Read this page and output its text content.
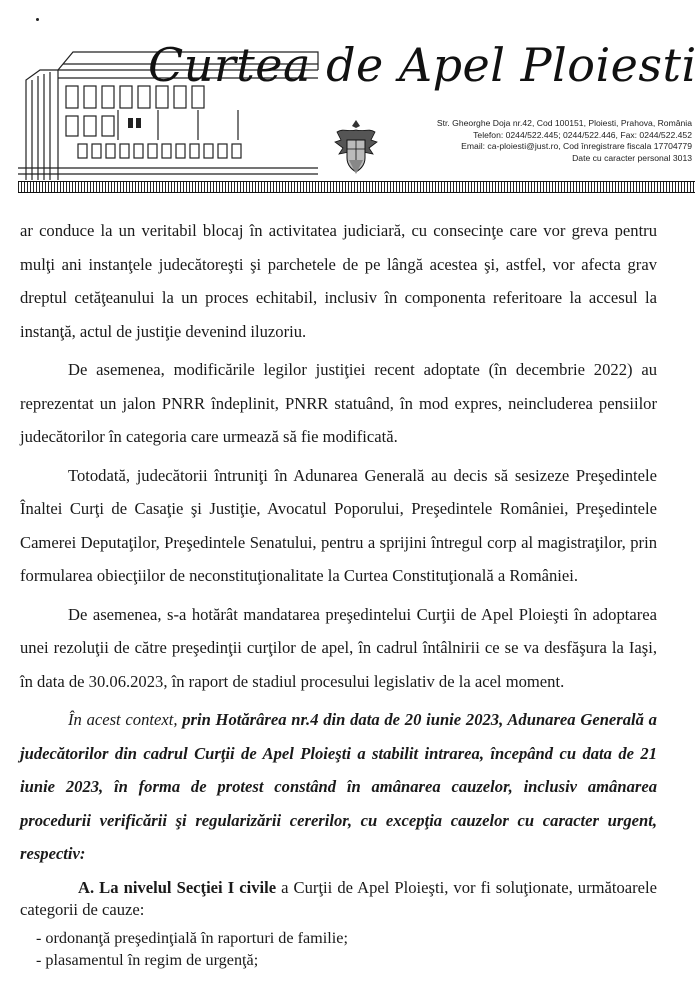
Curtea de Apel Ploiesti
Str. Gheorghe Doja nr.42, Cod 100151, Ploiesti, Prahova, România
Telefon: 0244/522.445; 0244/522.446, Fax: 0244/522.452
Email: ca-ploiesti@just.ro, Cod înregistrare fiscala 17704779
Date cu caracter personal 3013

ar conduce la un veritabil blocaj în activitatea judiciară, cu consecinţe care vor greva pentru mulţi ani instanţele judecătoreşti şi parchetele de pe lângă acestea şi, astfel, vor afecta grav dreptul cetăţeanului la un proces echitabil, inclusiv în componenta referitoare la accesul la instanţă, actul de justiţie devenind iluzoriu.

De asemenea, modificările legilor justiţiei recent adoptate (în decembrie 2022) au reprezentat un jalon PNRR îndeplinit, PNRR statuând, în mod expres, neincluderea pensiilor judecătorilor în categoria care urmează să fie modificată.

Totodată, judecătorii întruniţi în Adunarea Generală au decis să sesizeze Preşedintele Înaltei Curţi de Casaţie şi Justiţie, Avocatul Poporului, Preşedintele României, Preşedintele Camerei Deputaţilor, Preşedintele Senatului, pentru a sprijini întregul corp al magistraţilor, prin formularea obiecţiilor de neconstituţionalitate la Curtea Constituţională a României.

De asemenea, s-a hotărât mandatarea preşedintelui Curţii de Apel Ploieşti în adoptarea unei rezoluţii de către preşedinţii curţilor de apel, în cadrul întâlnirii ce se va desfăşura la Iaşi, în data de 30.06.2023, în raport de stadiul procesului legislativ de la acel moment.

În acest context, prin Hotărârea nr.4 din data de 20 iunie 2023, Adunarea Generală a judecătorilor din cadrul Curţii de Apel Ploieşti a stabilit intrarea, începând cu data de 21 iunie 2023, în forma de protest constând în amânarea cauzelor, inclusiv amânarea procedurii verificării şi regularizării cererilor, cu excepţia cauzelor cu caracter urgent, respectiv:

A. La nivelul Secţiei I civile a Curţii de Apel Ploieşti, vor fi soluţionate, următoarele categorii de cauze:

- ordonanţă preşedinţială în raporturi de familie;
- plasamentul în regim de urgenţă;
